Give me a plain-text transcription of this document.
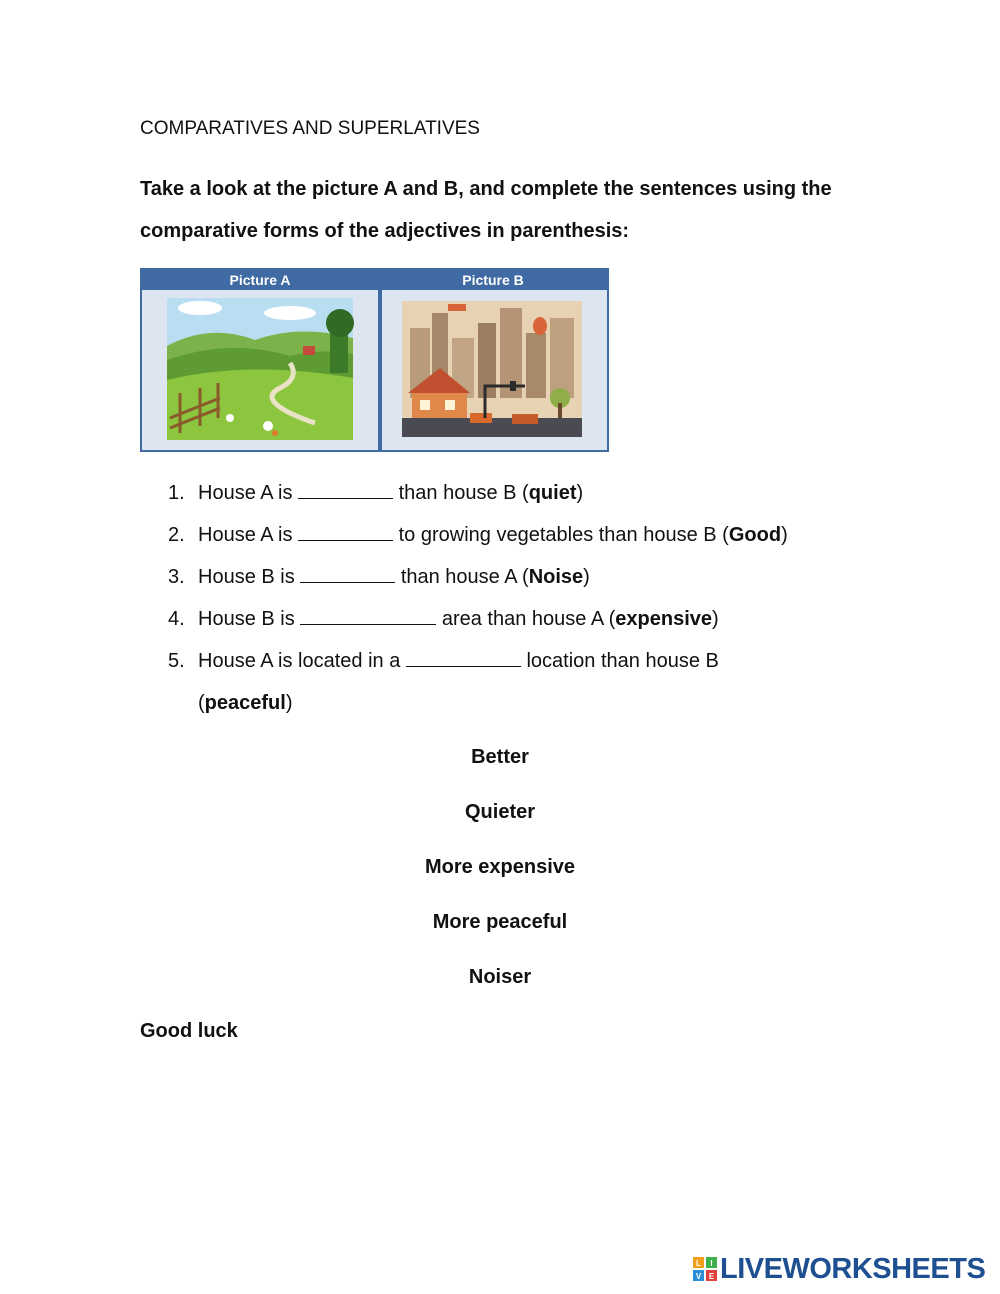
COMPARATIVES AND SUPERLATIVES
Take a look at the picture A and B, and complete the sentences using the comparative forms of the adjectives in parenthesis:
Picture A	Picture B
1. House A is	than house B (quiet)
2. House A is	to growing vegetables than house B (Good)
3. House B is	than house A (Noise)
4. House B is	area than house A (expensive)
5. House A is located in a	location than house B
(peaceful)
Better
Quieter
More expensive
More peaceful
Noiser
Good luck
L I
V E LIVEWORKSHEETS
